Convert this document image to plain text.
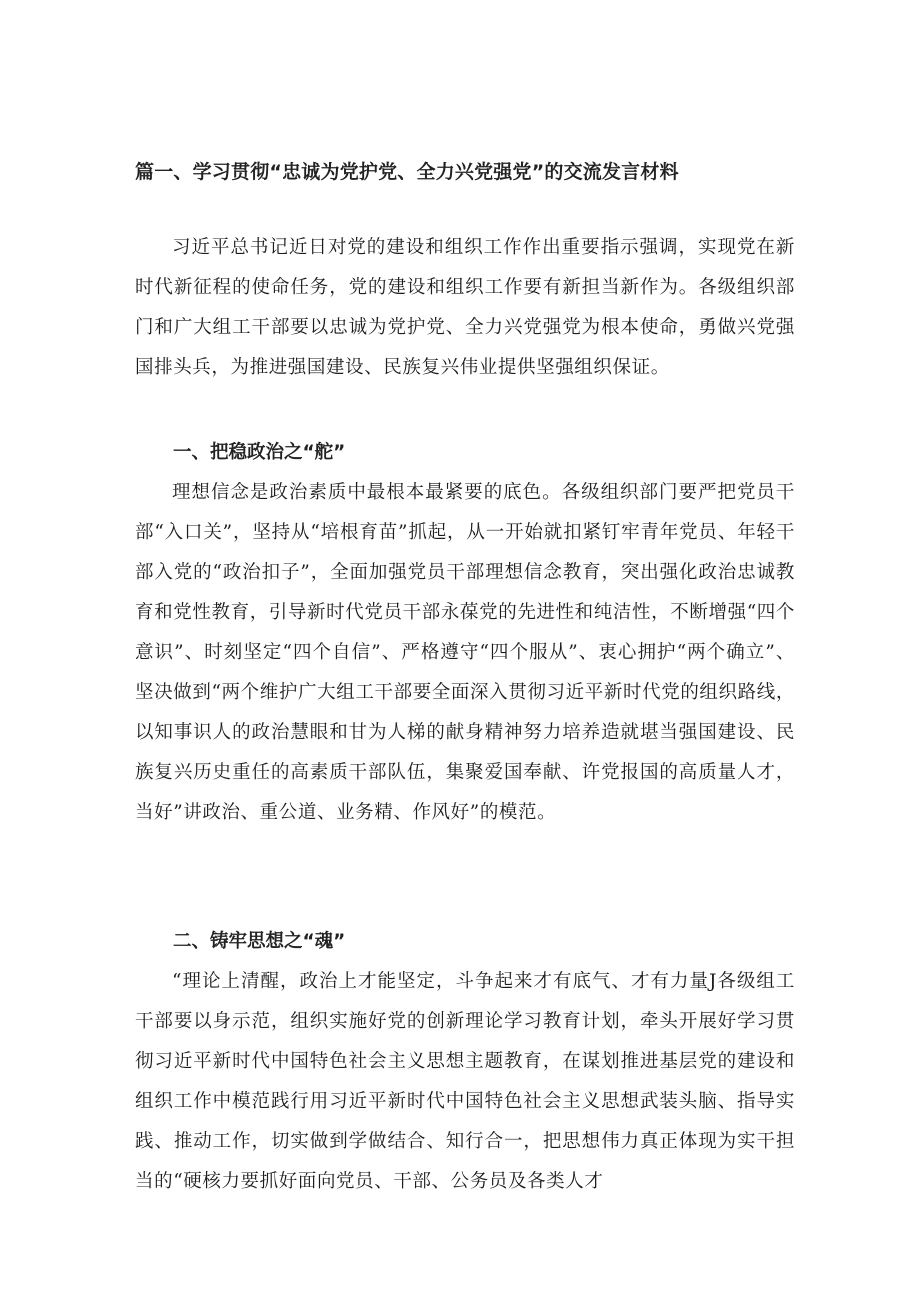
篇一、学习贯彻“忠诚为党护党、全力兴党强党”的交流发言材料

习近平总书记近日对党的建设和组织工作作出重要指示强调，实现党在新时代新征程的使命任务，党的建设和组织工作要有新担当新作为。各级组织部门和广大组工干部要以忠诚为党护党、全力兴党强党为根本使命，勇做兴党强国排头兵，为推进强国建设、民族复兴伟业提供坚强组织保证。

一、把稳政治之“舵”

理想信念是政治素质中最根本最紧要的底色。各级组织部门要严把党员干部“入口关”，坚持从“培根育苗”抓起，从一开始就扣紧钉牢青年党员、年轻干部入党的“政治扣子”，全面加强党员干部理想信念教育，突出强化政治忠诚教育和党性教育，引导新时代党员干部永葆党的先进性和纯洁性，不断增强“四个意识”、时刻坚定“四个自信”、严格遵守“四个服从”、衷心拥护“两个确立”、坚决做到“两个维护广大组工干部要全面深入贯彻习近平新时代党的组织路线，以知事识人的政治慧眼和甘为人梯的献身精神努力培养造就堪当强国建设、民族复兴历史重任的高素质干部队伍，集聚爱国奉献、许党报国的高质量人才，当好”讲政治、重公道、业务精、作风好”的模范。

二、铸牢思想之“魂”

“理论上清醒，政治上才能坚定，斗争起来才有底气、才有力量J各级组工干部要以身示范，组织实施好党的创新理论学习教育计划，牵头开展好学习贯彻习近平新时代中国特色社会主义思想主题教育，在谋划推进基层党的建设和组织工作中模范践行用习近平新时代中国特色社会主义思想武装头脑、指导实践、推动工作，切实做到学做结合、知行合一，把思想伟力真正体现为实干担当的“硬核力要抓好面向党员、干部、公务员及各类人才
